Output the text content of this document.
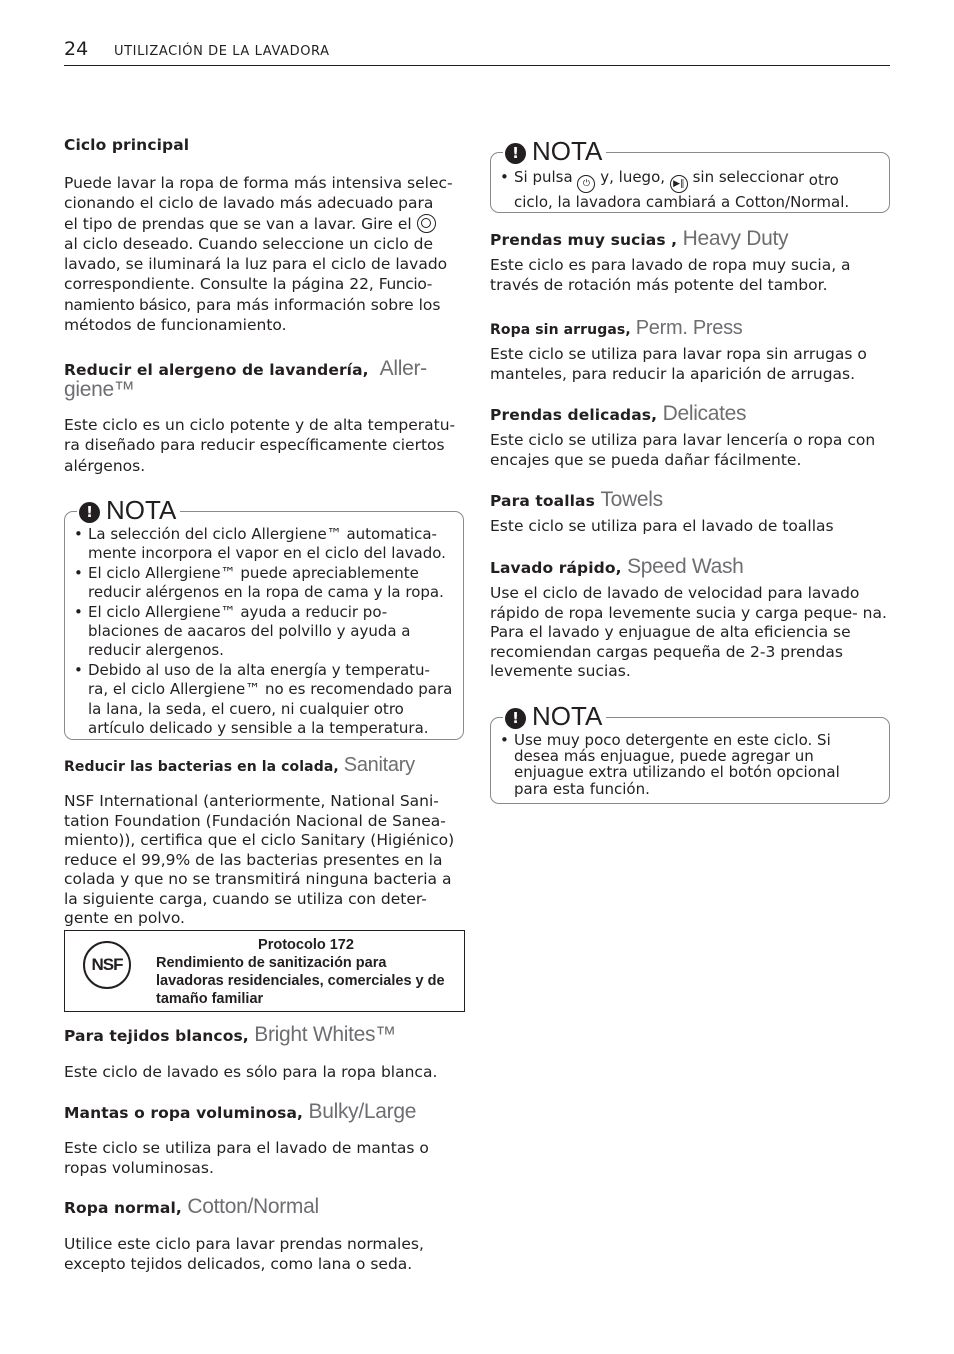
24 UTILIZACIÓN DE LA LAVADORA
Ciclo principal
Puede lavar la ropa de forma más intensiva selec-
cionando el ciclo de lavado más adecuado para
el tipo de prendas que se van a lavar. Gire el

al ciclo deseado. Cuando seleccione un ciclo de lavado, se iluminará la luz para el ciclo de lavado correspondiente. Consulte la página 22, Funcio- namiento básico, para más información sobre los métodos de funcionamiento.

Reducir el alergeno de lavandería, Aller-
giene™

Este ciclo es un ciclo potente y de alta temperatu- ra diseñado para reducir específicamente ciertos alérgenos.

! NOTA
• La selección del ciclo Allergiene™ automatica- mente incorpora el vapor en el ciclo del lavado.
• El ciclo Allergiene™ puede apreciablemente reducir alérgenos en la ropa de cama y la ropa.
• El ciclo Allergiene™ ayuda a reducir po- blaciones de aacaros del polvillo y ayuda a reducir alergenos.
• Debido al uso de la alta energía y temperatu- ra, el ciclo Allergiene™ no es recomendado para la lana, la seda, el cuero, ni cualquier otro artículo delicado y sensible a la temperatura.
Reducir las bacterias en la colada, Sanitary

NSF International (anteriormente, National Sani- tation Foundation (Fundación Nacional de Sanea- miento)), certifica que el ciclo Sanitary (Higiénico) reduce el 99,9% de las bacterias presentes en la colada y que no se transmitirá ninguna bacteria a la siguiente carga, cuando se utiliza con deter- gente en polvo.

NSF
Protocolo 172
Rendimiento de sanitización para lavadoras residenciales, comerciales y de tamaño familiar
Para tejidos blancos, Bright Whites™

Este ciclo de lavado es sólo para la ropa blanca.

Mantas o ropa voluminosa, Bulky/Large

Este ciclo se utiliza para el lavado de mantas o ropas voluminosas.

Ropa normal, Cotton/Normal

Utilice este ciclo para lavar prendas normales, excepto tejidos delicados, como lana o seda.

! NOTA
• Si pulsa ⏻ y, luego, ▶‖ sin seleccionar otro
ciclo, la lavadora cambiará a Cotton/Normal.
Prendas muy sucias , Heavy Duty

Este ciclo es para lavado de ropa muy sucia, a través de rotación más potente del tambor.

Ropa sin arrugas, Perm. Press

Este ciclo se utiliza para lavar ropa sin arrugas o manteles, para reducir la aparición de arrugas.

Prendas delicadas, Delicates

Este ciclo se utiliza para lavar lencería o ropa con encajes que se pueda dañar fácilmente.

Para toallas Towels

Este ciclo se utiliza para el lavado de toallas

Lavado rápido, Speed Wash

Use el ciclo de lavado de velocidad para lavado rápido de ropa levemente sucia y carga peque- na. Para el lavado y enjuague de alta eficiencia se recomiendan cargas pequeña de 2-3 prendas levemente sucias.

! NOTA
• Use muy poco detergente en este ciclo. Si desea más enjuague, puede agregar un enjuague extra utilizando el botón opcional para esta función.
